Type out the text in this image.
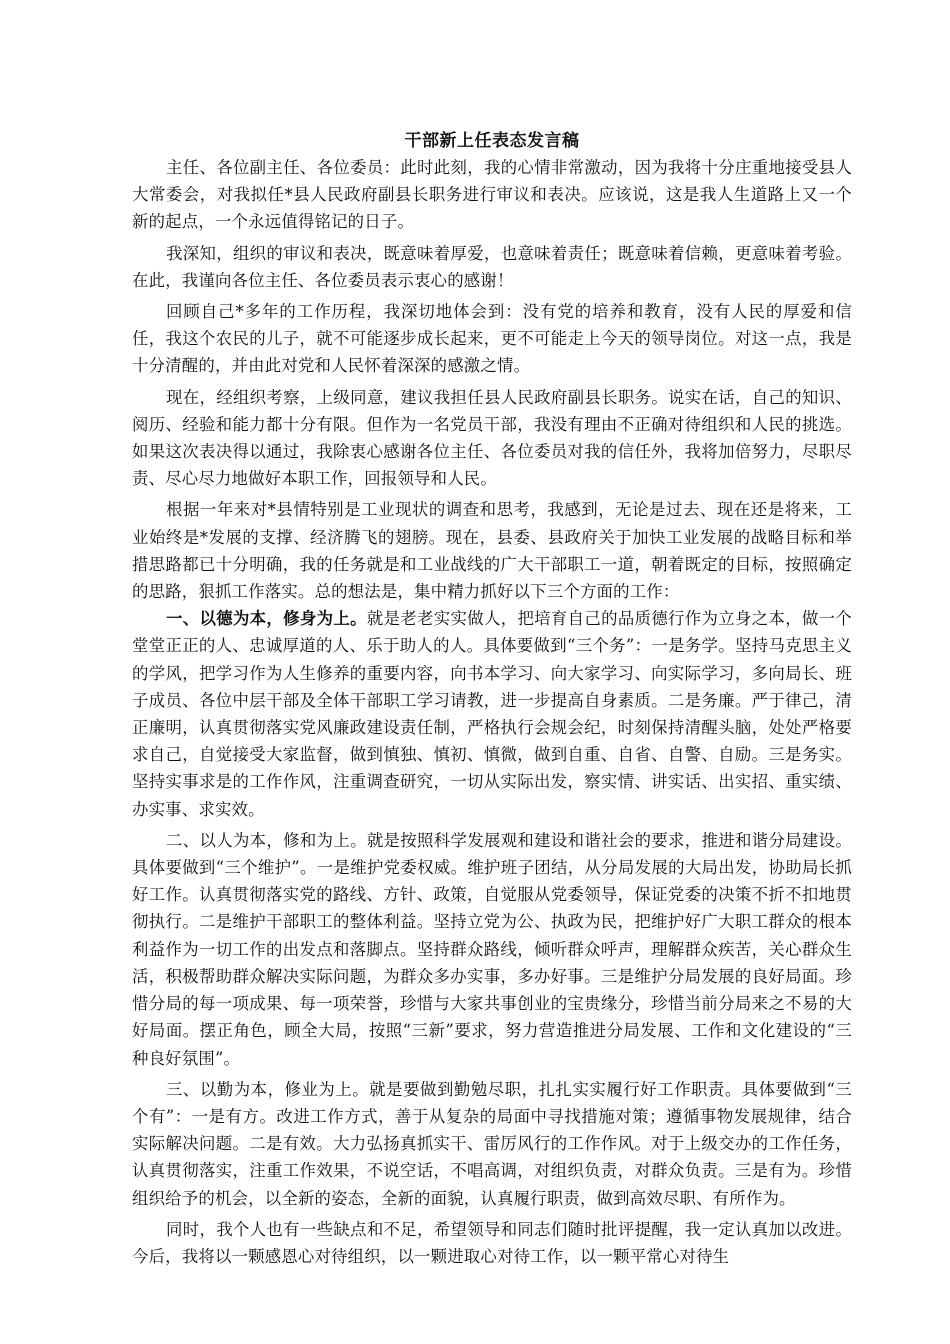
干部新上任表态发言稿

主任、各位副主任、各位委员：此时此刻，我的心情非常激动，因为我将十分庄重地接受县人大常委会，对我拟任*县人民政府副县长职务进行审议和表决。应该说，这是我人生道路上又一个新的起点，一个永远值得铭记的日子。

我深知，组织的审议和表决，既意味着厚爱，也意味着责任；既意味着信赖，更意味着考验。在此，我谨向各位主任、各位委员表示衷心的感谢！

回顾自己*多年的工作历程，我深切地体会到：没有党的培养和教育，没有人民的厚爱和信任，我这个农民的儿子，就不可能逐步成长起来，更不可能走上今天的领导岗位。对这一点，我是十分清醒的，并由此对党和人民怀着深深的感激之情。

现在，经组织考察，上级同意，建议我担任县人民政府副县长职务。说实在话，自己的知识、阅历、经验和能力都十分有限。但作为一名党员干部，我没有理由不正确对待组织和人民的挑选。如果这次表决得以通过，我除衷心感谢各位主任、各位委员对我的信任外，我将加倍努力，尽职尽责、尽心尽力地做好本职工作，回报领导和人民。

根据一年来对*县情特别是工业现状的调查和思考，我感到，无论是过去、现在还是将来，工业始终是*发展的支撑、经济腾飞的翅膀。现在，县委、县政府关于加快工业发展的战略目标和举措思路都已十分明确，我的任务就是和工业战线的广大干部职工一道，朝着既定的目标，按照确定的思路，狠抓工作落实。总的想法是，集中精力抓好以下三个方面的工作：

一、以德为本，修身为上。就是老老实实做人，把培育自己的品质德行作为立身之本，做一个堂堂正正的人、忠诚厚道的人、乐于助人的人。具体要做到“三个务”：一是务学。坚持马克思主义的学风，把学习作为人生修养的重要内容，向书本学习、向大家学习、向实际学习，多向局长、班子成员、各位中层干部及全体干部职工学习请教，进一步提高自身素质。二是务廉。严于律己，清正廉明，认真贯彻落实党风廉政建设责任制，严格执行会规会纪，时刻保持清醒头脑，处处严格要求自己，自觉接受大家监督，做到慎独、慎初、慎微，做到自重、自省、自警、自励。三是务实。坚持实事求是的工作作风，注重调查研究，一切从实际出发，察实情、讲实话、出实招、重实绩、办实事、求实效。

二、以人为本，修和为上。就是按照科学发展观和建设和谐社会的要求，推进和谐分局建设。具体要做到“三个维护”。一是维护党委权威。维护班子团结，从分局发展的大局出发，协助局长抓好工作。认真贯彻落实党的路线、方针、政策，自觉服从党委领导，保证党委的决策不折不扣地贯彻执行。二是维护干部职工的整体利益。坚持立党为公、执政为民，把维护好广大职工群众的根本利益作为一切工作的出发点和落脚点。坚持群众路线，倾听群众呼声，理解群众疾苦，关心群众生活，积极帮助群众解决实际问题，为群众多办实事，多办好事。三是维护分局发展的良好局面。珍惜分局的每一项成果、每一项荣誉，珍惜与大家共事创业的宝贵缘分，珍惜当前分局来之不易的大好局面。摆正角色，顾全大局，按照“三新”要求，努力营造推进分局发展、工作和文化建设的“三种良好氛围”。

三、以勤为本，修业为上。就是要做到勤勉尽职，扎扎实实履行好工作职责。具体要做到“三个有”：一是有方。改进工作方式，善于从复杂的局面中寻找措施对策；遵循事物发展规律，结合实际解决问题。二是有效。大力弘扬真抓实干、雷厉风行的工作作风。对于上级交办的工作任务，认真贯彻落实，注重工作效果，不说空话，不唱高调，对组织负责，对群众负责。三是有为。珍惜组织给予的机会，以全新的姿态，全新的面貌，认真履行职责，做到高效尽职、有所作为。

同时，我个人也有一些缺点和不足，希望领导和同志们随时批评提醒，我一定认真加以改进。今后，我将以一颗感恩心对待组织，以一颗进取心对待工作，以一颗平常心对待生
